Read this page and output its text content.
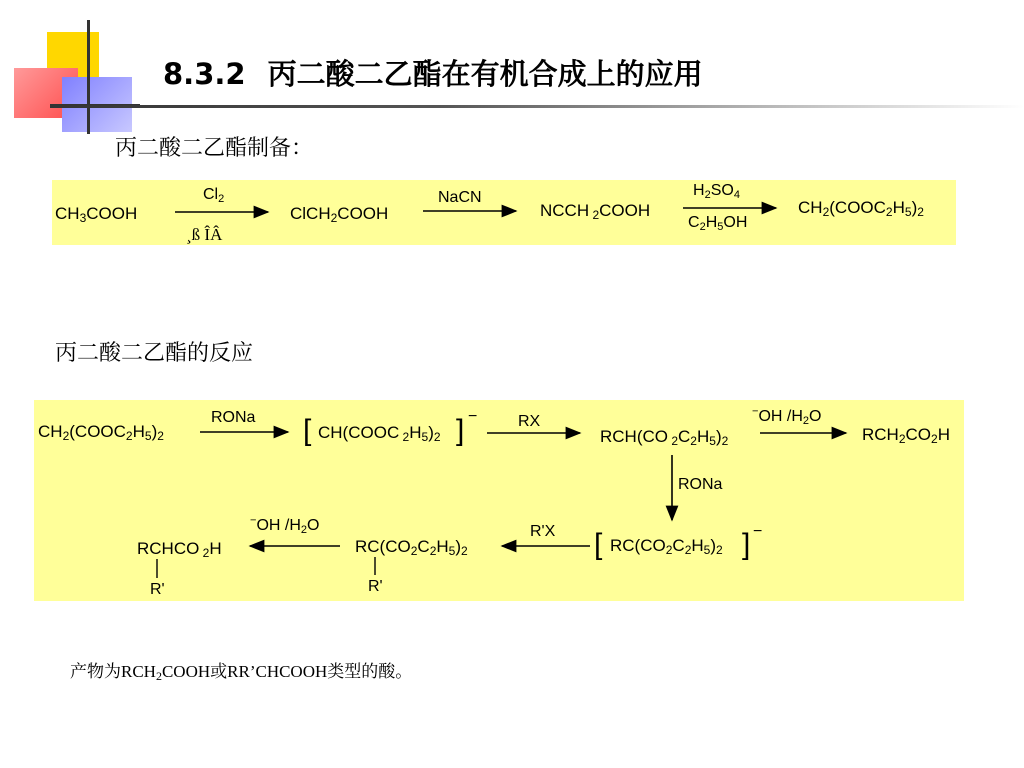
8.3.2 丙二酸二乙酯在有机合成上的应用
丙二酸二乙酯制备：
$CH_3COOH$
$Cl_2$
¸ß ÎÂ
ClCH$_2$COOH
NaCN
NCCH $_2$COOH
$H_2SO_4$
$C_2H_5OH$
$CH_2(COOC_2H_5)_2$
丙二酸二乙酯的反应
$CH_2(COOC_2H_5)_2$
RONa [ CH(COOC $_2H_5)_2$ ] −	RX
RCH(CO $_2C_2H_5)_2$
−OH $/H_2O$
$RCH_2CO_2H$
RONa
[ $RC(CO_2C_2H_5)_2$ ] −
R'X
$RC(CO_2C_2H_5)_2$
R'
−OH $/H_2O$
RCHCO $_2$H
R'
产物为$RCH_2COOH$或RR’CHCOOH类型的酸。
